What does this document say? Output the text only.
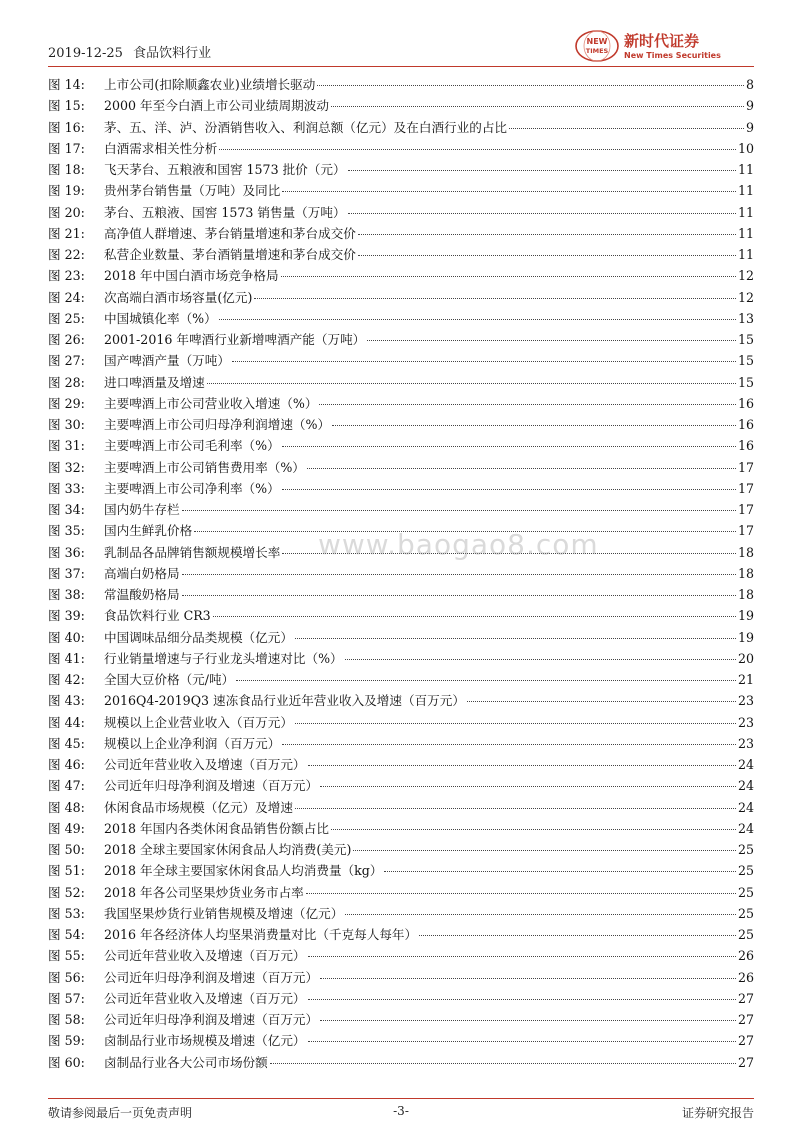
2019-12-25 食品饮料行业
NEW
TIMES
新时代证券
New Times Securities
图 14:	上市公司(扣除顺鑫农业)业绩增长驱动	8
图 15:	2000 年至今白酒上市公司业绩周期波动	9
图 16:	茅、五、洋、泸、汾酒销售收入、利润总额（亿元）及在白酒行业的占比	9
图 17:	白酒需求相关性分析	10
图 18:	飞天茅台、五粮液和国窖 1573 批价（元）	11
图 19:	贵州茅台销售量（万吨）及同比	11
图 20:	茅台、五粮液、国窖 1573 销售量（万吨）	11
图 21:	高净值人群增速、茅台销量增速和茅台成交价	11
图 22:	私营企业数量、茅台酒销量增速和茅台成交价	11
图 23:	2018 年中国白酒市场竞争格局	12
图 24:	次高端白酒市场容量(亿元)	12
图 25:	中国城镇化率（%）	13
图 26:	2001-2016 年啤酒行业新增啤酒产能（万吨）	15
图 27:	国产啤酒产量（万吨）	15
图 28:	进口啤酒量及增速	15
图 29:	主要啤酒上市公司营业收入增速（%）	16
图 30:	主要啤酒上市公司归母净利润增速（%）	16
图 31:	主要啤酒上市公司毛利率（%）	16
图 32:	主要啤酒上市公司销售费用率（%）	17
图 33:	主要啤酒上市公司净利率（%）	17
图 34:	国内奶牛存栏	17
图 35:	国内生鲜乳价格	17
图 36:	乳制品各品牌销售额规模增长率	18
图 37:	高端白奶格局	18
图 38:	常温酸奶格局	18
图 39:	食品饮料行业 CR3	19
图 40:	中国调味品细分品类规模（亿元）	19
图 41:	行业销量增速与子行业龙头增速对比（%）	20
图 42:	全国大豆价格（元/吨）	21
图 43:	2016Q4-2019Q3 速冻食品行业近年营业收入及增速（百万元）	23
图 44:	规模以上企业营业收入（百万元）	23
图 45:	规模以上企业净利润（百万元）	23
图 46:	公司近年营业收入及增速（百万元）	24
图 47:	公司近年归母净利润及增速（百万元）	24
图 48:	休闲食品市场规模（亿元）及增速	24
图 49:	2018 年国内各类休闲食品销售份额占比	24
图 50:	2018 全球主要国家休闲食品人均消费(美元)	25
图 51:	2018 年全球主要国家休闲食品人均消费量（kg）	25
图 52:	2018 年各公司坚果炒货业务市占率	25
图 53:	我国坚果炒货行业销售规模及增速（亿元）	25
图 54:	2016 年各经济体人均坚果消费量对比（千克每人每年）	25
图 55:	公司近年营业收入及增速（百万元）	26
图 56:	公司近年归母净利润及增速（百万元）	26
图 57:	公司近年营业收入及增速（百万元）	27
图 58:	公司近年归母净利润及增速（百万元）	27
图 59:	卤制品行业市场规模及增速（亿元）	27
图 60:	卤制品行业各大公司市场份额	27
www.baogao8.com
敬请参阅最后一页免责声明	-3-	证券研究报告
